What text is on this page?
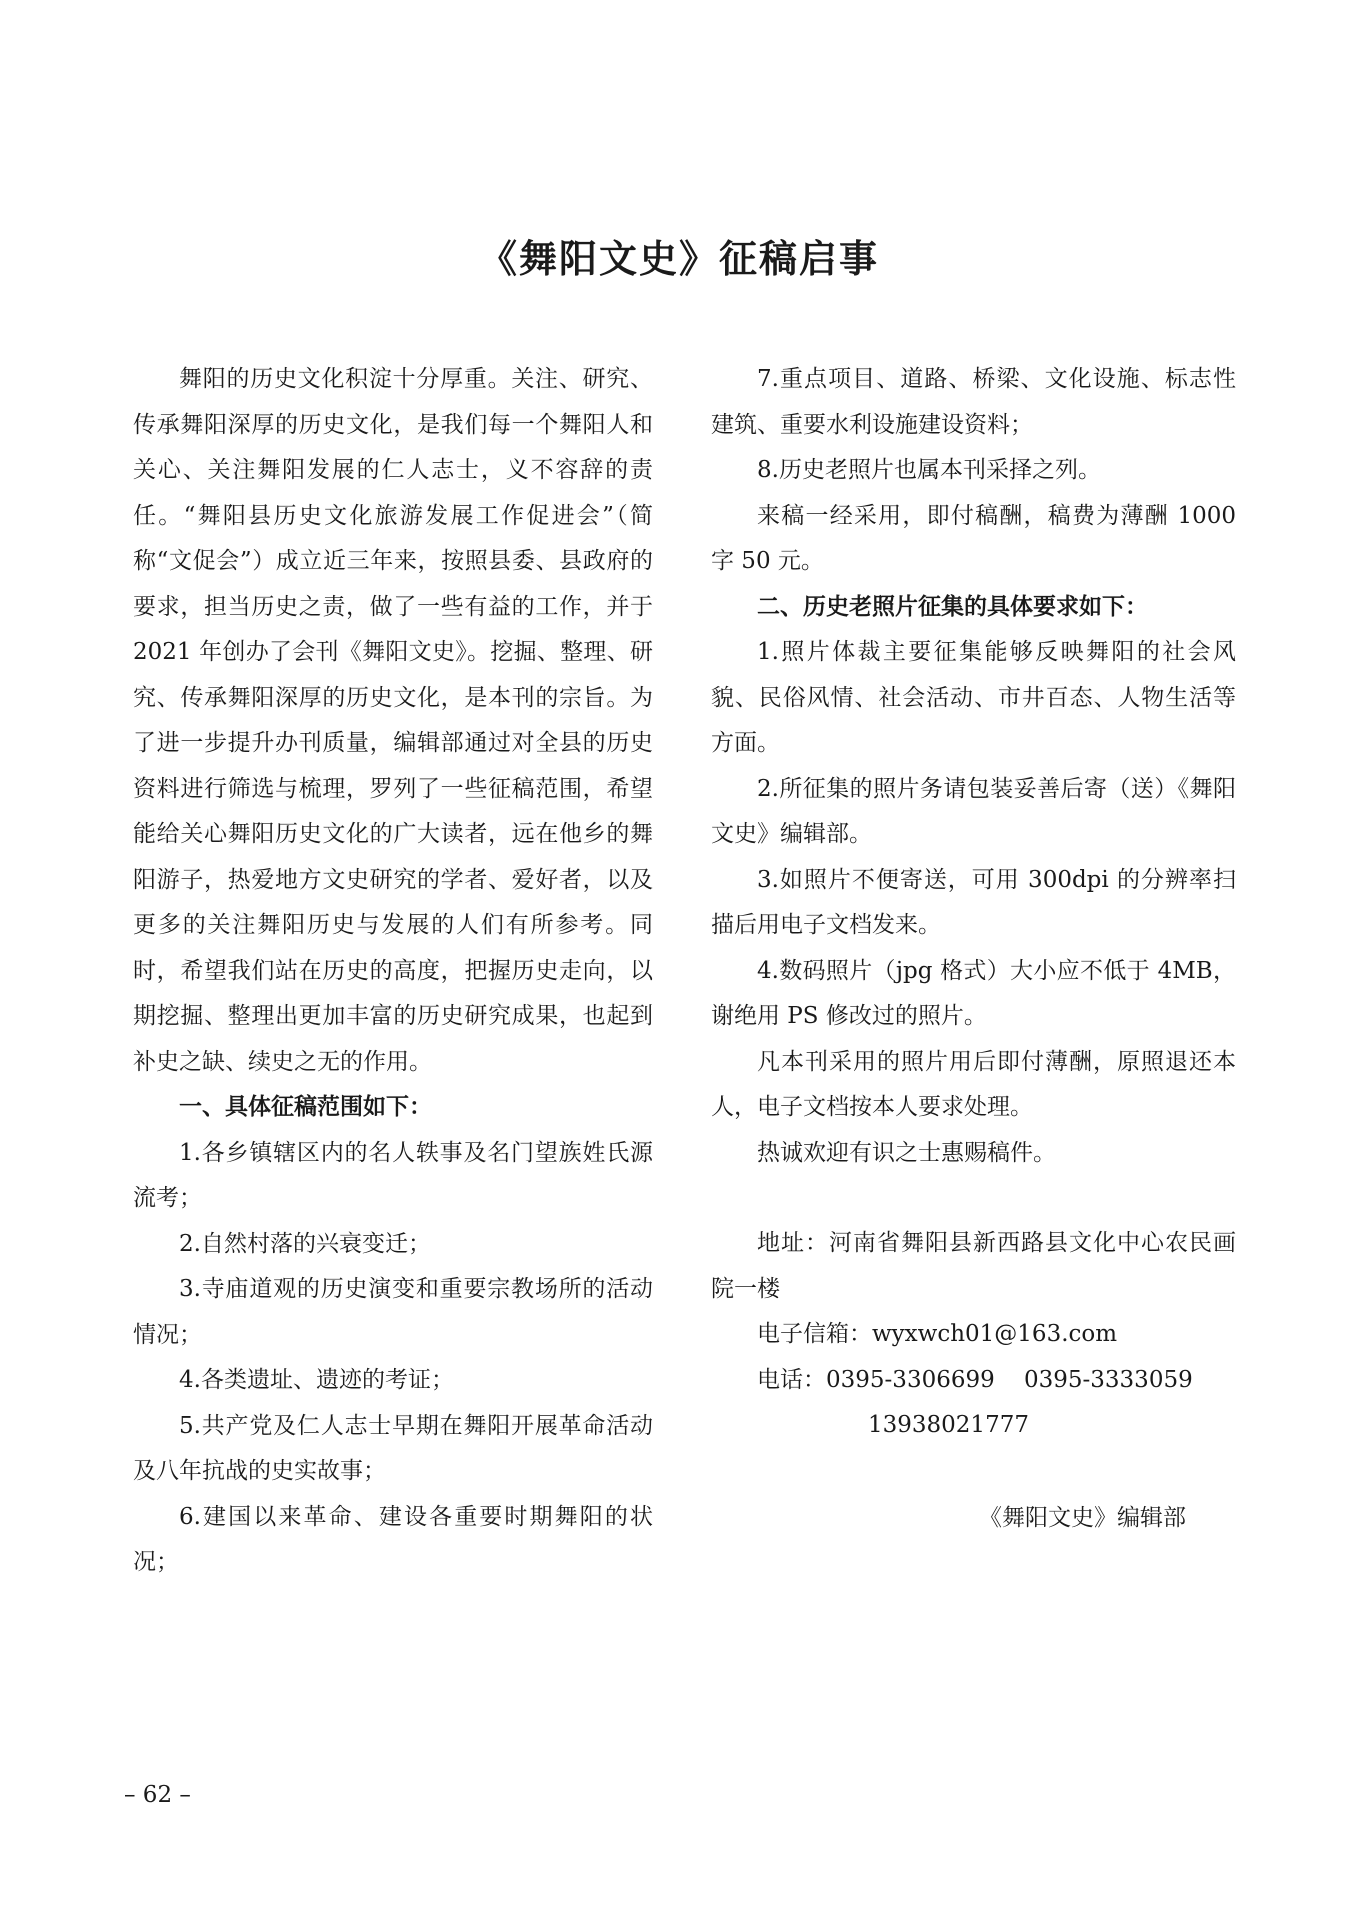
《舞阳文史》征稿启事

舞阳的历史文化积淀十分厚重。关注、研究、传承舞阳深厚的历史文化，是我们每一个舞阳人和关心、关注舞阳发展的仁人志士，义不容辞的责任。“舞阳县历史文化旅游发展工作促进会”（简称“文促会”）成立近三年来，按照县委、县政府的要求，担当历史之责，做了一些有益的工作，并于 2021 年创办了会刊《舞阳文史》。挖掘、整理、研究、传承舞阳深厚的历史文化，是本刊的宗旨。为了进一步提升办刊质量，编辑部通过对全县的历史资料进行筛选与梳理，罗列了一些征稿范围，希望能给关心舞阳历史文化的广大读者，远在他乡的舞阳游子，热爱地方文史研究的学者、爱好者，以及更多的关注舞阳历史与发展的人们有所参考。同时，希望我们站在历史的高度，把握历史走向，以期挖掘、整理出更加丰富的历史研究成果，也起到补史之缺、续史之无的作用。

一、具体征稿范围如下：

1.各乡镇辖区内的名人轶事及名门望族姓氏源流考；

2.自然村落的兴衰变迁；

3.寺庙道观的历史演变和重要宗教场所的活动情况；

4.各类遗址、遗迹的考证；

5.共产党及仁人志士早期在舞阳开展革命活动及八年抗战的史实故事；

6.建国以来革命、建设各重要时期舞阳的状况；

7.重点项目、道路、桥梁、文化设施、标志性建筑、重要水利设施建设资料；

8.历史老照片也属本刊采择之列。

来稿一经采用，即付稿酬，稿费为薄酬 1000 字 50 元。

二、历史老照片征集的具体要求如下：

1.照片体裁主要征集能够反映舞阳的社会风貌、民俗风情、社会活动、市井百态、人物生活等方面。

2.所征集的照片务请包装妥善后寄（送）《舞阳文史》编辑部。

3.如照片不便寄送，可用 300dpi 的分辨率扫描后用电子文档发来。

4.数码照片（jpg 格式）大小应不低于 4MB，谢绝用 PS 修改过的照片。

凡本刊采用的照片用后即付薄酬，原照退还本人，电子文档按本人要求处理。

热诚欢迎有识之士惠赐稿件。

地址：河南省舞阳县新西路县文化中心农民画院一楼

电子信箱：wyxwch01@163.com

电话：0395-3306699    0395-3333059

13938021777

《舞阳文史》编辑部

– 62 –
